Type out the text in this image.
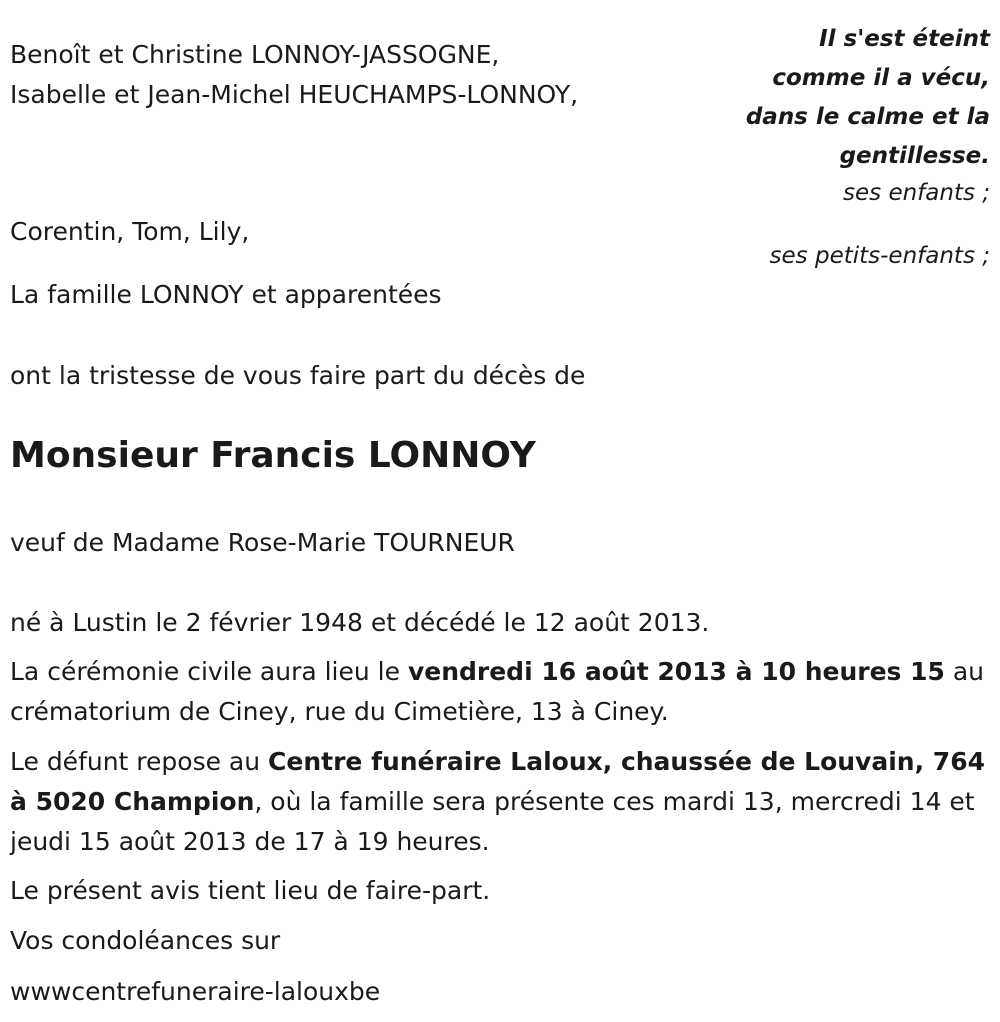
Benoît et Christine LONNOY-JASSOGNE,
Isabelle et Jean-Michel HEUCHAMPS-LONNOY,
Il s'est éteint
comme il a vécu,
dans le calme et la
gentillesse.
ses enfants ;
Corentin, Tom, Lily,
ses petits-enfants ;
La famille LONNOY et apparentées
ont la tristesse de vous faire part du décès de
Monsieur Francis LONNOY
veuf de Madame Rose-Marie TOURNEUR
né à Lustin le 2 février 1948 et décédé le 12 août 2013.
La cérémonie civile aura lieu le vendredi 16 août 2013 à 10 heures 15 au crématorium de Ciney, rue du Cimetière, 13 à Ciney.
Le défunt repose au Centre funéraire Laloux, chaussée de Louvain, 764 à 5020 Champion, où la famille sera présente ces mardi 13, mercredi 14 et jeudi 15 août 2013 de 17 à 19 heures.
Le présent avis tient lieu de faire-part.
Vos condoléances sur
wwwcentrefuneraire-lalouxbe
